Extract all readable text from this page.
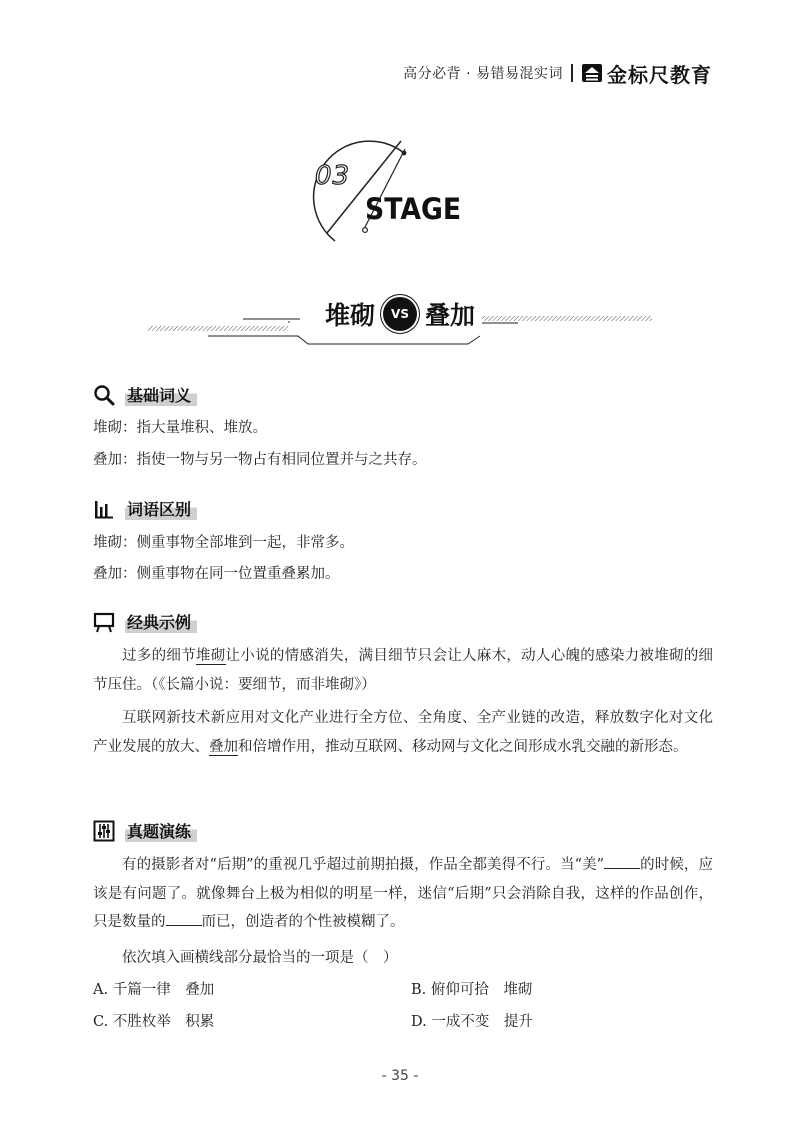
高分必背 · 易错易混实词 金标尺教育
03
STAGE
堆砌	VS 叠加
基础词义
堆砌：指大量堆积、堆放。
叠加：指使一物与另一物占有相同位置并与之共存。
词语区别
堆砌：侧重事物全部堆到一起，非常多。
叠加：侧重事物在同一位置重叠累加。
经典示例
过多的细节堆砌让小说的情感消失，满目细节只会让人麻木，动人心魄的感染力被堆砌的细节压住。（《长篇小说：要细节，而非堆砌》）
互联网新技术新应用对文化产业进行全方位、全角度、全产业链的改造，释放数字化对文化产业发展的放大、叠加和倍增作用，推动互联网、移动网与文化之间形成水乳交融的新形态。
真题演练
有的摄影者对“后期”的重视几乎超过前期拍摄，作品全都美得不行。当“美” 的时候，应该是有问题了。就像舞台上极为相似的明星一样，迷信“后期”只会消除自我，这样的作品创作，只是数量的 而已，创造者的个性被模糊了。
依次填入画横线部分最恰当的一项是（　）
A. 千篇一律　叠加	B. 俯仰可拾　堆砌
C. 不胜枚举　积累	D. 一成不变　提升
- 35 -
